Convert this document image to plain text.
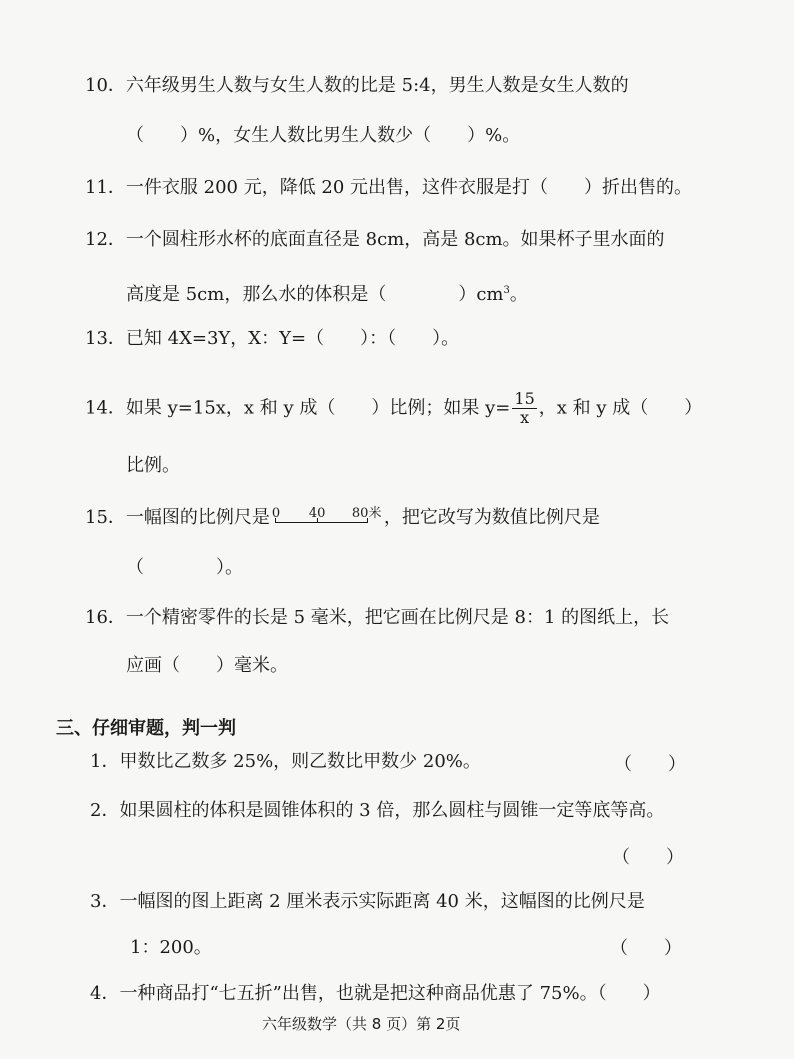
10．六年级男生人数与女生人数的比是 5:4，男生人数是女生人数的
（　　）%，女生人数比男生人数少（　　）%。
11．一件衣服 200 元，降低 20 元出售，这件衣服是打（　　）折出售的。
12．一个圆柱形水杯的底面直径是 8cm，高是 8cm。如果杯子里水面的
高度是 5cm，那么水的体积是（　　　　）$cm^3$。
13．已知 4X=3Y，X：Y=（　　）：（　　）。
14．如果 y=15x，x 和 y 成（　　）比例；如果 $y= \frac{15}{x}$ ，x 和 y 成（　　）
比例。
15．一幅图的比例尺是 0 40 80米 ，把它改写为数值比例尺是
（　　　　）。
16．一个精密零件的长是 5 毫米，把它画在比例尺是 8：1 的图纸上，长
应画（　　）毫米。
三、仔细审题，判一判
1．甲数比乙数多 25%，则乙数比甲数少 20%。	（　　）
2．如果圆柱的体积是圆锥体积的 3 倍，那么圆柱与圆锥一定等底等高。
（　　）
3．一幅图的图上距离 2 厘米表示实际距离 40 米，这幅图的比例尺是
1：200。	（　　）
4．一种商品打“七五折”出售，也就是把这种商品优惠了 75%。（　　）
六年级数学（共 8 页）第 2页
